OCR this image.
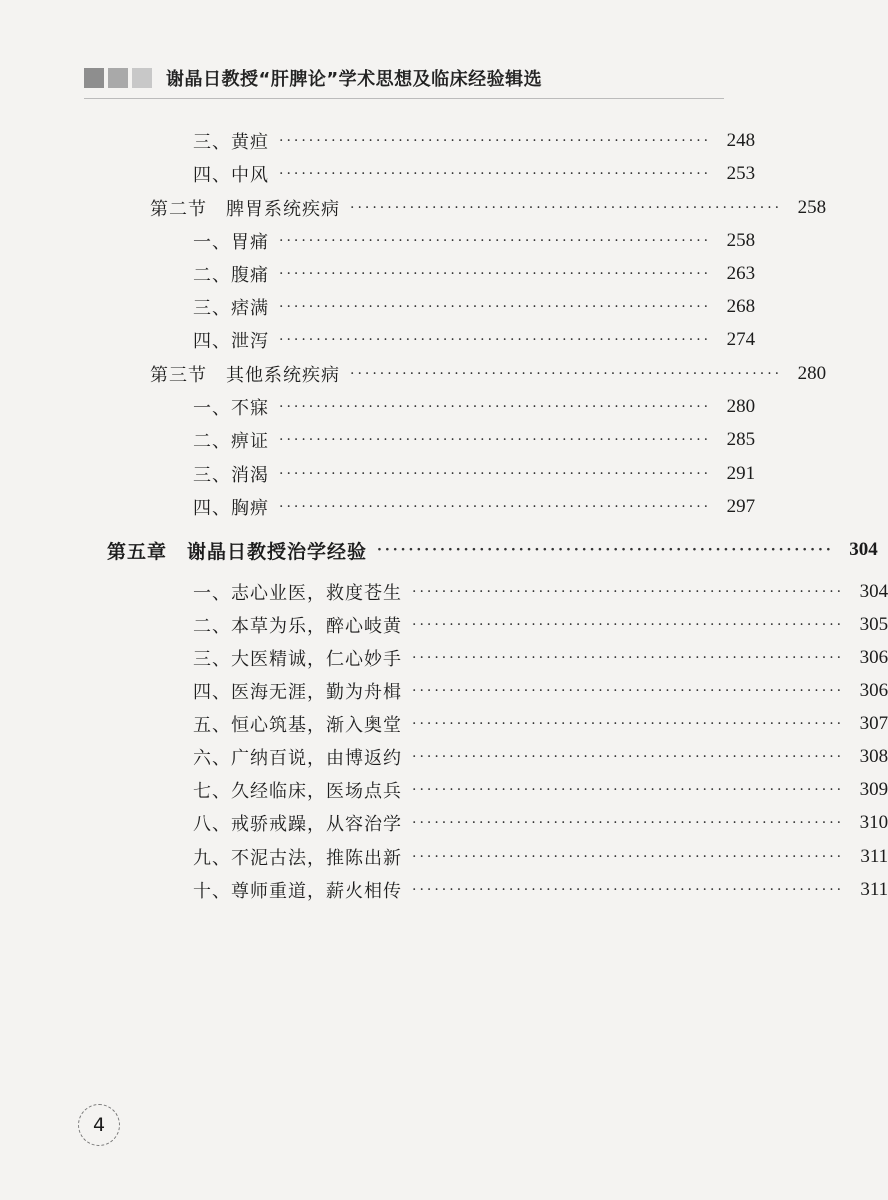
谢晶日教授“肝脾论”学术思想及临床经验辑选
三、黄疸 ·························································· 248
四、中风 ·························································· 253
第二节　脾胃系统疾病 ·························································· 258
一、胃痛 ·························································· 258
二、腹痛 ·························································· 263
三、痞满 ·························································· 268
四、泄泻 ·························································· 274
第三节　其他系统疾病 ·························································· 280
一、不寐 ·························································· 280
二、痹证 ·························································· 285
三、消渴 ·························································· 291
四、胸痹 ·························································· 297
第五章　谢晶日教授治学经验 ·························································· 304
一、志心业医，救度苍生 ·························································· 304
二、本草为乐，醉心岐黄 ·························································· 305
三、大医精诚，仁心妙手 ·························································· 306
四、医海无涯，勤为舟楫 ·························································· 306
五、恒心筑基，渐入奥堂 ·························································· 307
六、广纳百说，由博返约 ·························································· 308
七、久经临床，医场点兵 ·························································· 309
八、戒骄戒躁，从容治学 ·························································· 310
九、不泥古法，推陈出新 ·························································· 311
十、尊师重道，薪火相传 ·························································· 311
4
